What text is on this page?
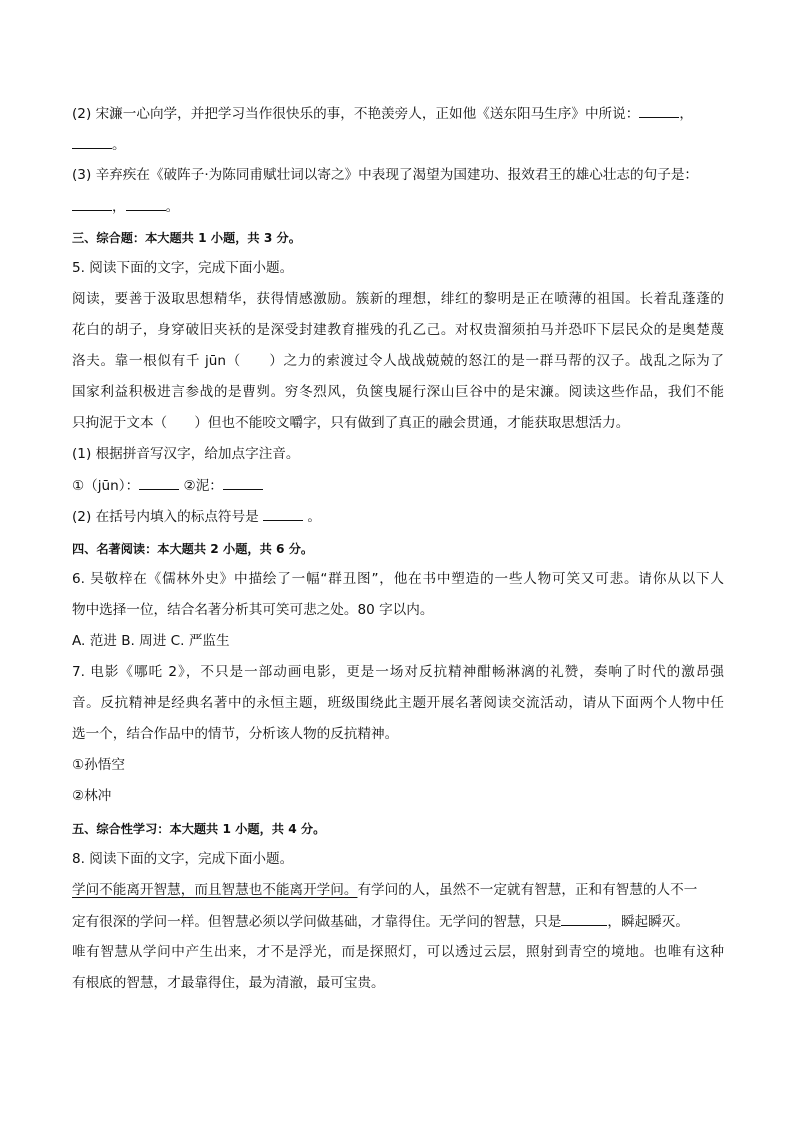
(2) 宋濂一心向学，并把学习当作很快乐的事，不艳羡旁人，正如他《送东阳马生序》中所说：	，
。
(3) 辛弃疾在《破阵子·为陈同甫赋壮词以寄之》中表现了渴望为国建功、报效君王的雄心壮志的句子是：
，	。
三、综合题：本大题共 1 小题，共 3 分。
5. 阅读下面的文字，完成下面小题。
阅读，要善于汲取思想精华，获得情感激励。簇新的理想，绯红的黎明是正在喷薄的祖国。长着乱蓬蓬的
花白的胡子，身穿破旧夹袄的是深受封建教育摧残的孔乙己。对权贵溜须拍马并恐吓下层民众的是奥楚蔑
洛夫。靠一根似有千 jūn（　　）之力的索渡过令人战战兢兢的怒江的是一群马帮的汉子。战乱之际为了
国家利益积极进言参战的是曹刿。穷冬烈风，负箧曳屣行深山巨谷中的是宋濂。阅读这些作品，我们不能
只拘泥于文本（　　）但也不能咬文嚼字，只有做到了真正的融会贯通，才能获取思想活力。
(1) 根据拼音写汉字，给加点字注音。
①（jūn）：	②泥：
(2) 在括号内填入的标点符号是	。
四、名著阅读：本大题共 2 小题，共 6 分。
6. 吴敬梓在《儒林外史》中描绘了一幅“群丑图”，他在书中塑造的一些人物可笑又可悲。请你从以下人
物中选择一位，结合名著分析其可笑可悲之处。80 字以内。
A. 范进 B. 周进 C. 严监生
7. 电影《哪吒 2》，不只是一部动画电影，更是一场对反抗精神酣畅淋漓的礼赞，奏响了时代的激昂强
音。反抗精神是经典名著中的永恒主题，班级围绕此主题开展名著阅读交流活动，请从下面两个人物中任
选一个，结合作品中的情节，分析该人物的反抗精神。
①孙悟空
②林冲
五、综合性学习：本大题共 1 小题，共 4 分。
8. 阅读下面的文字，完成下面小题。
学问不能离开智慧，而且智慧也不能离开学问。有学问的人，虽然不一定就有智慧，正和有智慧的人不一
定有很深的学问一样。但智慧必须以学问做基础，才靠得住。无学问的智慧，只是	，瞬起瞬灭。
唯有智慧从学问中产生出来，才不是浮光，而是探照灯，可以透过云层，照射到青空的境地。也唯有这种
有根底的智慧，才最靠得住，最为清澈，最可宝贵。
